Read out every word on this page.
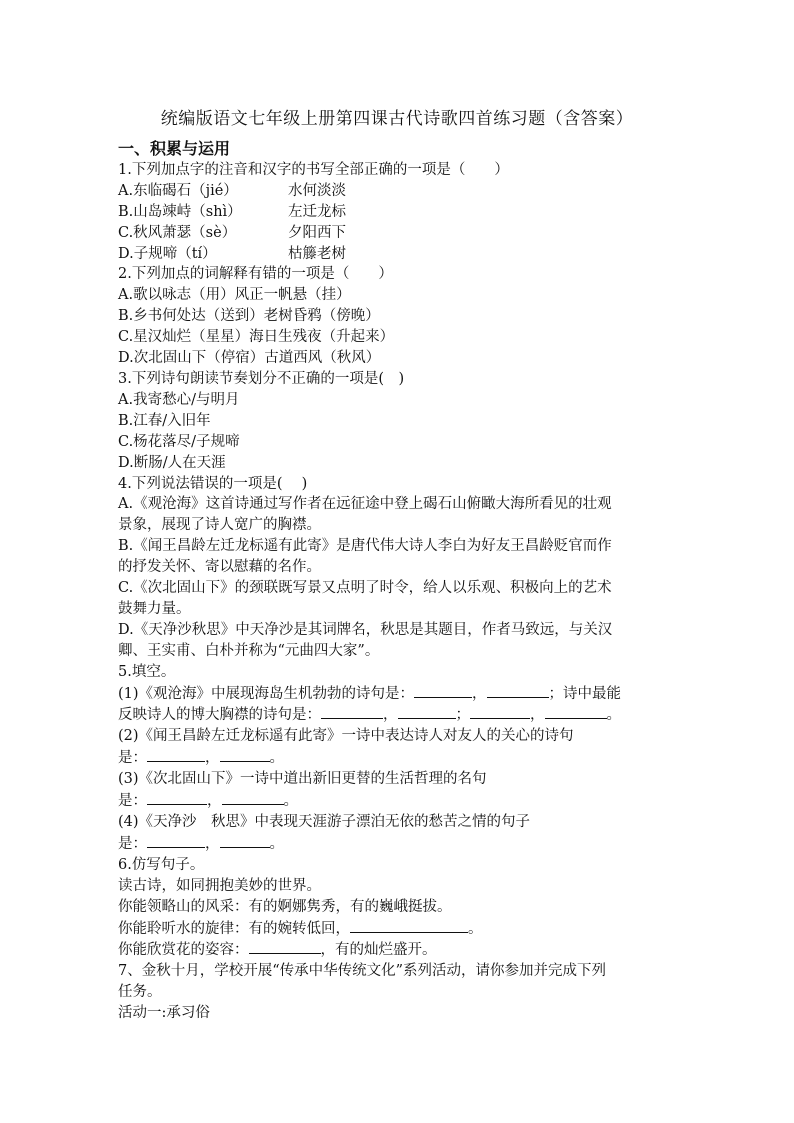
统编版语文七年级上册第四课古代诗歌四首练习题（含答案）
一、积累与运用
1.下列加点字的注音和汉字的书写全部正确的一项是（　　）
A.东临碣石（jié）	水何淡淡
B.山岛竦峙（shì）	左迁龙标
C.秋风萧瑟（sè）	夕阳西下
D.子规啼（tí）	枯籐老树
2.下列加点的词解释有错的一项是（　　）
A.歌以咏志（用）风正一帆悬（挂）
B.乡书何处达（送到）老树昏鸦（傍晚）
C.星汉灿烂（星星）海日生残夜（升起来）
D.次北固山下（停宿）古道西风（秋风）
3.下列诗句朗读节奏划分不正确的一项是(　)
A.我寄愁心/与明月
B.江春/入旧年
C.杨花落尽/子规啼
D.断肠/人在天涯
4.下列说法错误的一项是(　 )
A.《观沧海》这首诗通过写作者在远征途中登上碣石山俯瞰大海所看见的壮观
景象，展现了诗人宽广的胸襟。
B.《闻王昌龄左迁龙标遥有此寄》是唐代伟大诗人李白为好友王昌龄贬官而作
的抒发关怀、寄以慰藉的名作。
C.《次北固山下》的颈联既写景又点明了时令，给人以乐观、积极向上的艺术
鼓舞力量。
D.《天净沙秋思》中天净沙是其词牌名，秋思是其题目，作者马致远，与关汉
卿、王实甫、白朴并称为“元曲四大家”。
5.填空。
(1)《观沧海》中展现海岛生机勃勃的诗句是：	，	；诗中最能
反映诗人的博大胸襟的诗句是：	，	；	，	。
(2)《闻王昌龄左迁龙标遥有此寄》一诗中表达诗人对友人的关心的诗句
是：	，	。
(3)《次北固山下》一诗中道出新旧更替的生活哲理的名句
是：	，	。
(4)《天净沙　秋思》中表现天涯游子漂泊无依的愁苦之情的句子
是：	，	。
6.仿写句子。
读古诗，如同拥抱美妙的世界。
你能领略山的风采：有的婀娜隽秀，有的巍峨挺拔。
你能聆听水的旋律：有的婉转低回，	。
你能欣赏花的姿容：	，有的灿烂盛开。
7、金秋十月，学校开展“传承中华传统文化”系列活动，请你参加并完成下列
任务。
活动一:承习俗
